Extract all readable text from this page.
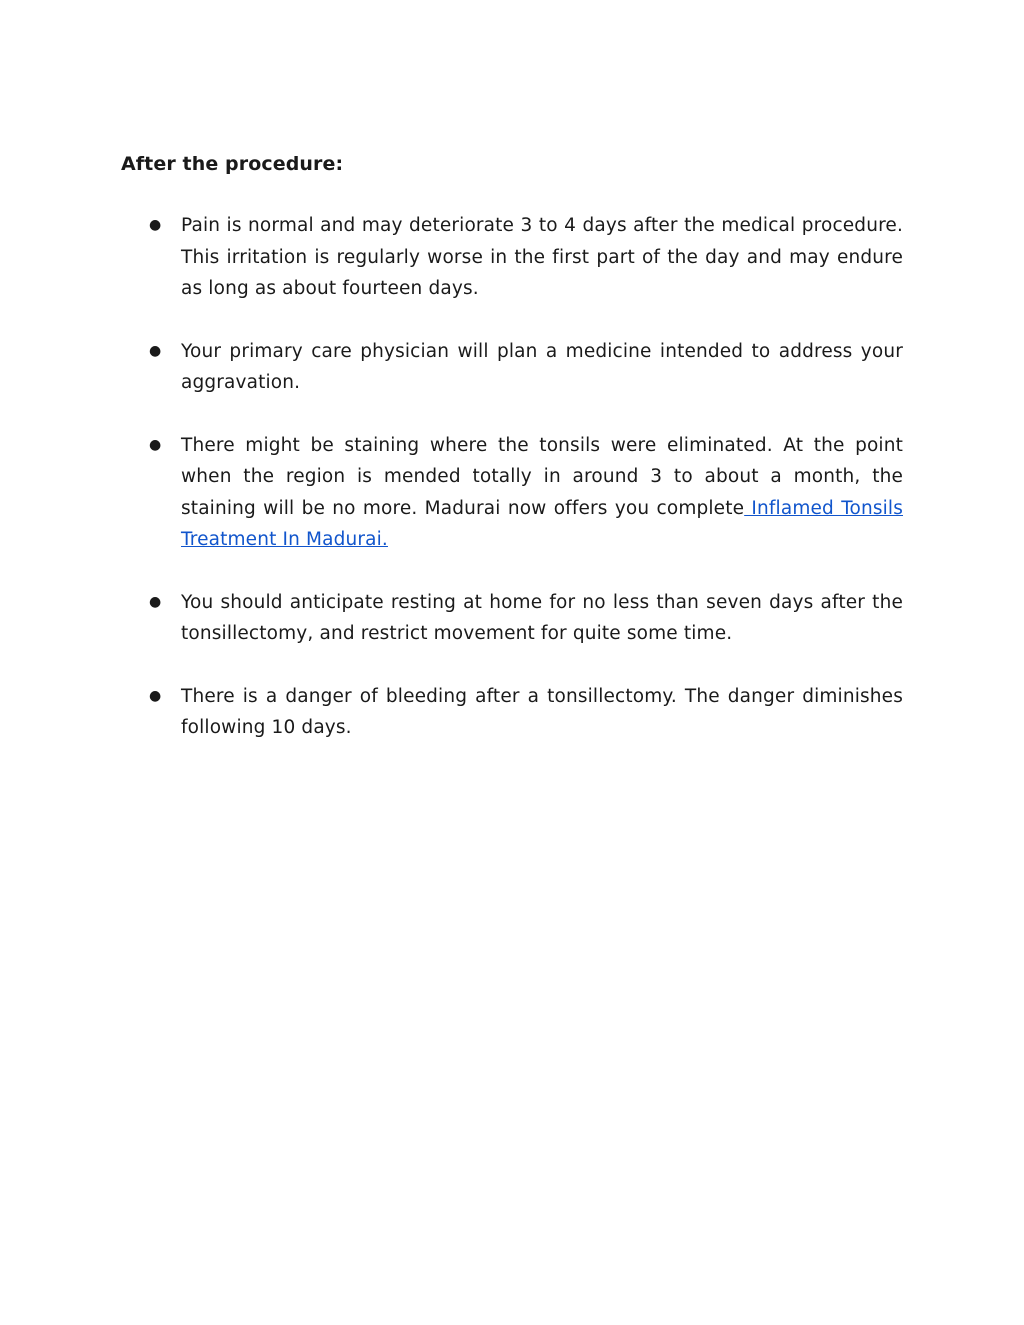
After the procedure:

● Pain is normal and may deteriorate 3 to 4 days after the medical procedure. This irritation is regularly worse in the first part of the day and may endure as long as about fourteen days.
● Your primary care physician will plan a medicine intended to address your aggravation.
● There might be staining where the tonsils were eliminated. At the point when the region is mended totally in around 3 to about a month, the staining will be no more. Madurai now offers you complete Inflamed Tonsils Treatment In Madurai.
● You should anticipate resting at home for no less than seven days after the tonsillectomy, and restrict movement for quite some time.
● There is a danger of bleeding after a tonsillectomy. The danger diminishes following 10 days.
